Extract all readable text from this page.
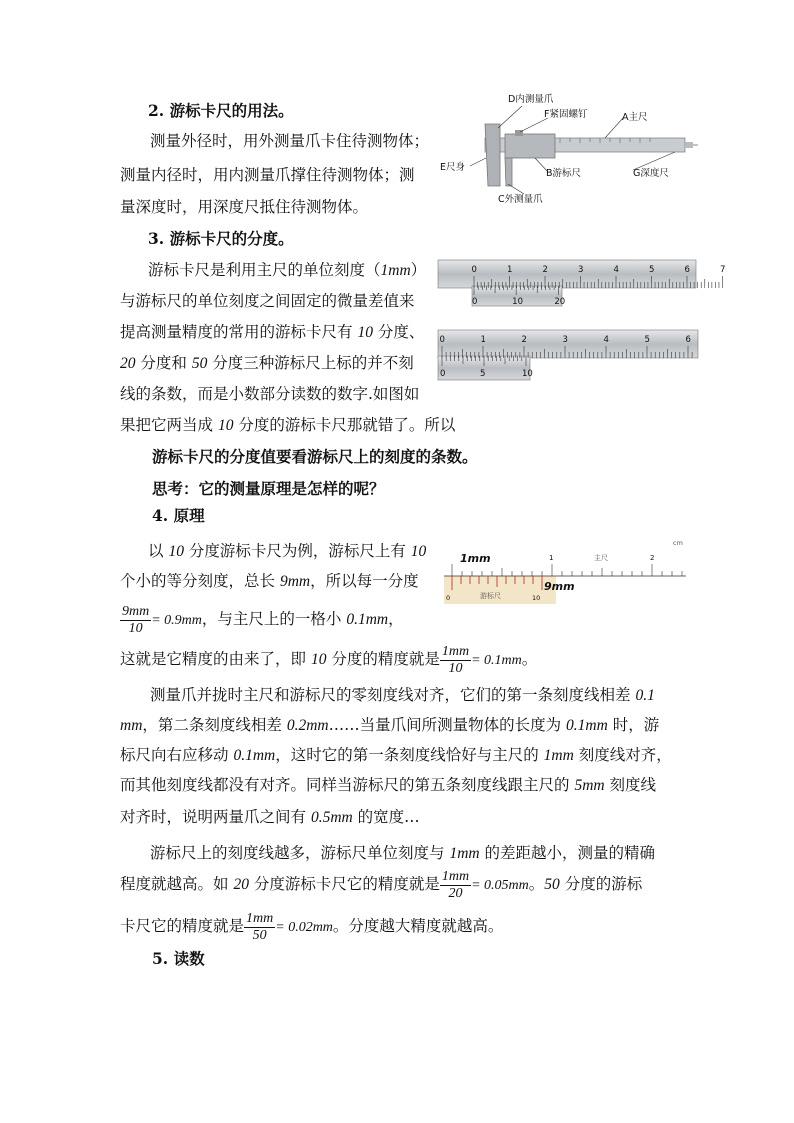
2. 游标卡尺的用法。
测量外径时，用外测量爪卡住待测物体；
测量内径时，用内测量爪撑住待测物体；测
量深度时，用深度尺抵住待测物体。
D内测量爪
F紧固螺钉	A主尺
E尺身
B游标尺	G深度尺
C外测量爪
3. 游标卡尺的分度。
游标卡尺是利用主尺的单位刻度（1mm）
与游标尺的单位刻度之间固定的微量差值来
提高测量精度的常用的游标卡尺有 10 分度、
20 分度和 50 分度三种游标尺上标的并不刻
线的条数，而是小数部分读数的数字.如图如
果把它两当成 10 分度的游标卡尺那就错了。所以
游标卡尺的分度值要看游标尺上的刻度的条数。
思考：它的测量原理是怎样的呢？
0	1	2	3	4	5	6	7
0	10	20
0	1	2	3	4	5	6
0	5	10
4. 原理
以 10 分度游标卡尺为例，游标尺上有 10
个小的等分刻度，总长 9mm，所以每一分度
$\frac{9mm}{10} = 0.9mm$，与主尺上的一格小 0.1mm，
这就是它精度的由来了，即 10 分度的精度就是 $\frac{1mm}{10} = 0.1mm$。
cm
主尺
1	2
1mm
9mm
游标尺
0	10
测量爪并拢时主尺和游标尺的零刻度线对齐，它们的第一条刻度线相差 0.1
mm，第二条刻度线相差 0.2mm……当量爪间所测量物体的长度为 0.1mm 时，游
标尺向右应移动 0.1mm，这时它的第一条刻度线恰好与主尺的 1mm 刻度线对齐，
而其他刻度线都没有对齐。同样当游标尺的第五条刻度线跟主尺的 5mm 刻度线
对齐时，说明两量爪之间有 0.5mm 的宽度…
游标尺上的刻度线越多，游标尺单位刻度与 1mm 的差距越小，测量的精确
程度就越高。如 20 分度游标卡尺它的精度就是 $\frac{1mm}{20} = 0.05mm$。50 分度的游标
卡尺它的精度就是 $\frac{1mm}{50} = 0.02mm$。分度越大精度就越高。
5. 读数
